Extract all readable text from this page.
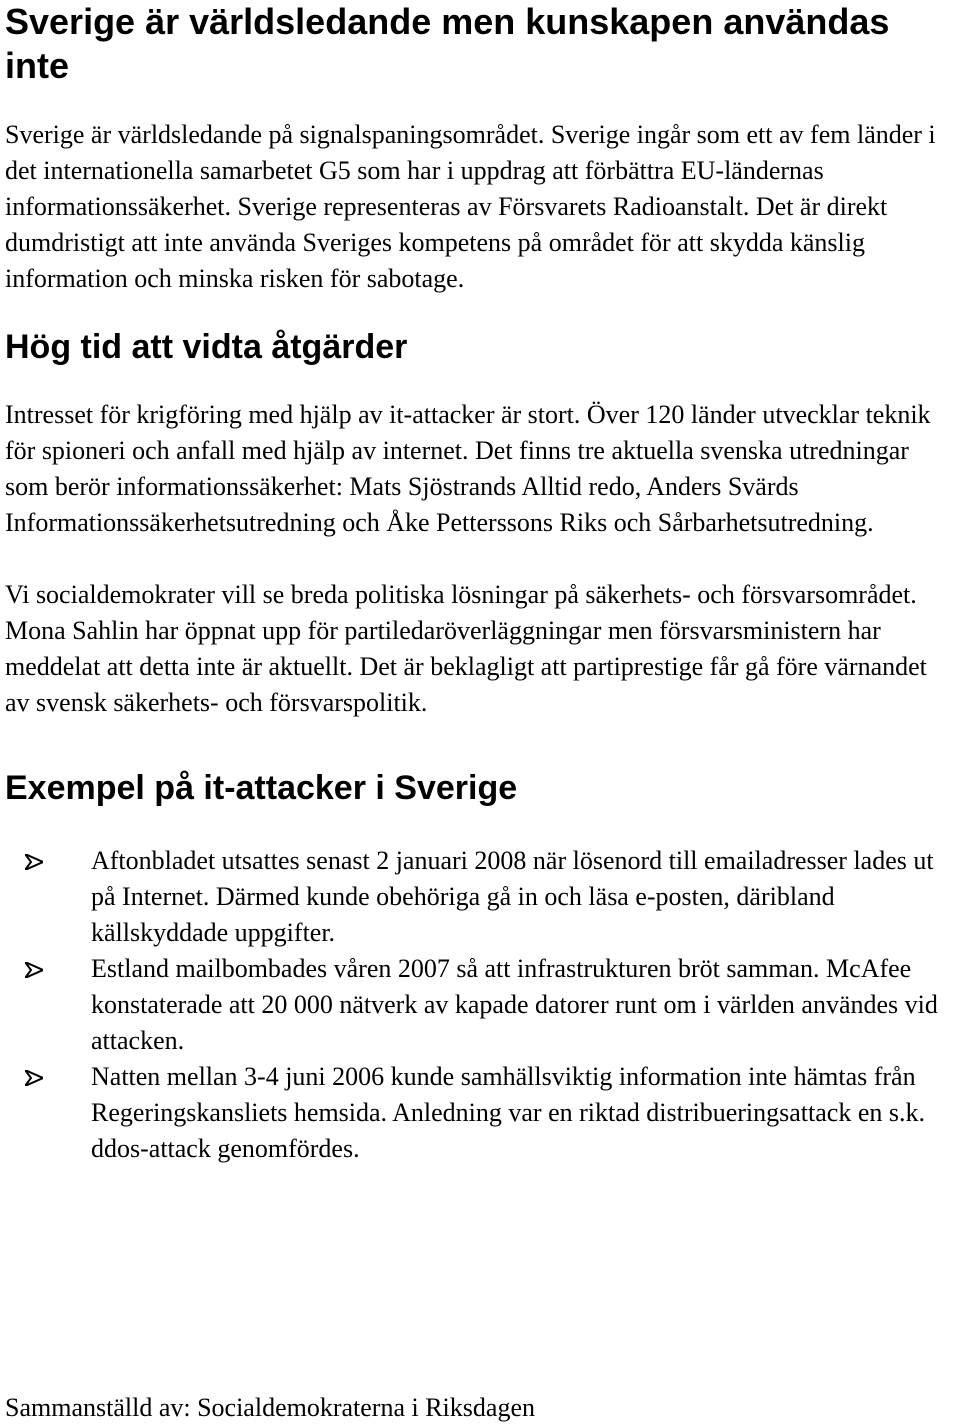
Sverige är världsledande men kunskapen användas inte

Sverige är världsledande på signalspaningsområdet. Sverige ingår som ett av fem länder i det internationella samarbetet G5 som har i uppdrag att förbättra EU-ländernas informationssäkerhet. Sverige representeras av Försvarets Radioanstalt. Det är direkt dumdristigt att inte använda Sveriges kompetens på området för att skydda känslig information och minska risken för sabotage.

Hög tid att vidta åtgärder

Intresset för krigföring med hjälp av it-attacker är stort. Över 120 länder utvecklar teknik för spioneri och anfall med hjälp av internet. Det finns tre aktuella svenska utredningar som berör informationssäkerhet: Mats Sjöstrands Alltid redo, Anders Svärds Informationssäkerhetsutredning och Åke Petterssons Riks och Sårbarhetsutredning.

Vi socialdemokrater vill se breda politiska lösningar på säkerhets- och försvarsområdet. Mona Sahlin har öppnat upp för partiledaröverläggningar men försvarsministern har meddelat att detta inte är aktuellt. Det är beklagligt att partiprestige får gå före värnandet av svensk säkerhets- och försvarspolitik.

Exempel på it-attacker i Sverige
Aftonbladet utsattes senast 2 januari 2008 när lösenord till emailadresser lades ut på Internet. Därmed kunde obehöriga gå in och läsa e-posten, däribland källskyddade uppgifter.
Estland mailbombades våren 2007 så att infrastrukturen bröt samman. McAfee konstaterade att 20 000 nätverk av kapade datorer runt om i världen användes vid attacken.
Natten mellan 3-4 juni 2006 kunde samhällsviktig information inte hämtas från Regeringskansliets hemsida. Anledning var en riktad distribueringsattack en s.k. ddos-attack genomfördes.

Sammanställd av: Socialdemokraterna i Riksdagen
